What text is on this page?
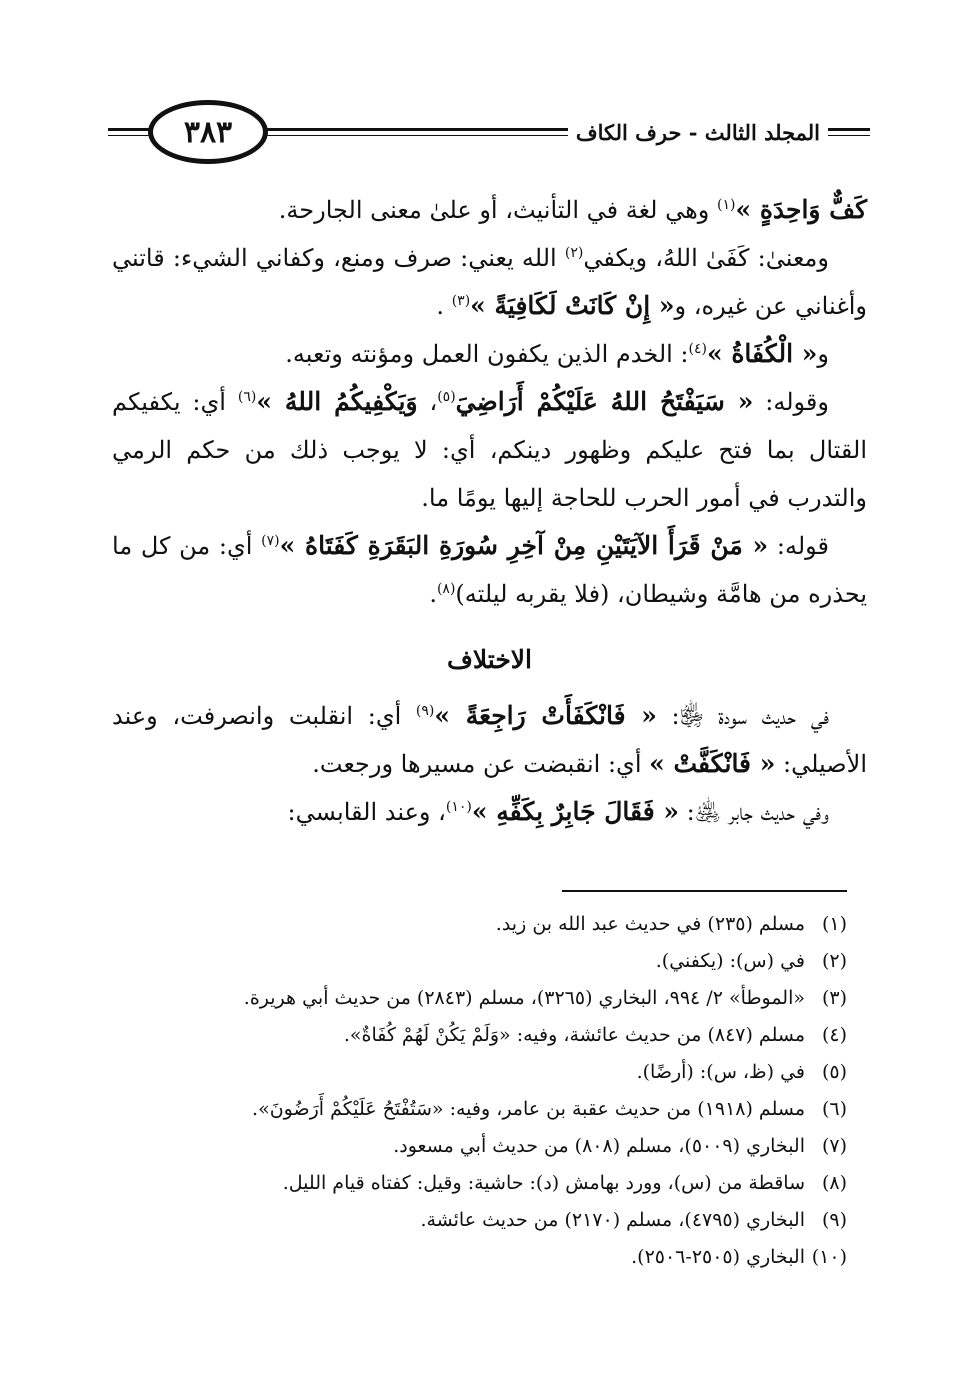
٣٨٣	المجلد الثالث - حرف الكاف

كَفٌّ وَاحِدَةٍ »$^{(١)}$ وهي لغة في التأنيث، أو علىٰ معنى الجارحة.

ومعنىٰ: كَفَىٰ اللهُ، ويكفي$^{(٢)}$ الله يعني: صرف ومنع، وكفاني الشيء: قاتني وأغناني عن غيره، و« إِنْ كَانَتْ لَكَافِيَةً »$^{(٣)}$ .

و« الْكُفَاةُ »$^{(٤)}$: الخدم الذين يكفون العمل ومؤنته وتعبه.

وقوله: « سَيَفْتَحُ اللهُ عَلَيْكُمْ أَرَاضِيَ$^{(٥)}$، وَيَكْفِيكُمُ اللهُ »$^{(٦)}$ أي: يكفيكم القتال بما فتح عليكم وظهور دينكم، أي: لا يوجب ذلك من حكم الرمي والتدرب في أمور الحرب للحاجة إليها يومًا ما.

قوله: « مَنْ قَرَأَ الآيَتَيْنِ مِنْ آخِرِ سُورَةِ البَقَرَةِ كَفَتَاهُ »$^{(٧)}$ أي: من كل ما يحذره من هامَّة وشيطان، (فلا يقربه ليلته)$^{(٨)}$.

الاختلاف

في حديث سودة ﵂: « فَانْكَفَأَتْ رَاجِعَةً »$^{(٩)}$ أي: انقلبت وانصرفت، وعند الأصيلي: « فَانْكَفَّتْ » أي: انقبضت عن مسيرها ورجعت.

وفي حديث جابر ﵁: « فَقَالَ جَابِرٌ بِكَفِّهِ »$^{(١٠)}$، وعند القابسي:

(١)مسلم (٢٣٥) في حديث عبد الله بن زيد.
(٢)في (س): (يكفني).
(٣)«الموطأ» ٢/ ٩٩٤، البخاري (٣٢٦٥)، مسلم (٢٨٤٣) من حديث أبي هريرة.
(٤)مسلم (٨٤٧) من حديث عائشة، وفيه: «وَلَمْ يَكُنْ لَهُمْ كُفَاةٌ».
(٥)في (ظ، س): (أرضًا).
(٦)مسلم (١٩١٨) من حديث عقبة بن عامر، وفيه: «سَتُفْتَحُ عَلَيْكُمْ أَرَضُونَ».
(٧)البخاري (٥٠٠٩)، مسلم (٨٠٨) من حديث أبي مسعود.
(٨)ساقطة من (س)، وورد بهامش (د): حاشية: وقيل: كفتاه قيام الليل.
(٩)البخاري (٤٧٩٥)، مسلم (٢١٧٠) من حديث عائشة.
(١٠)البخاري (٢٥٠٥-٢٥٠٦).
